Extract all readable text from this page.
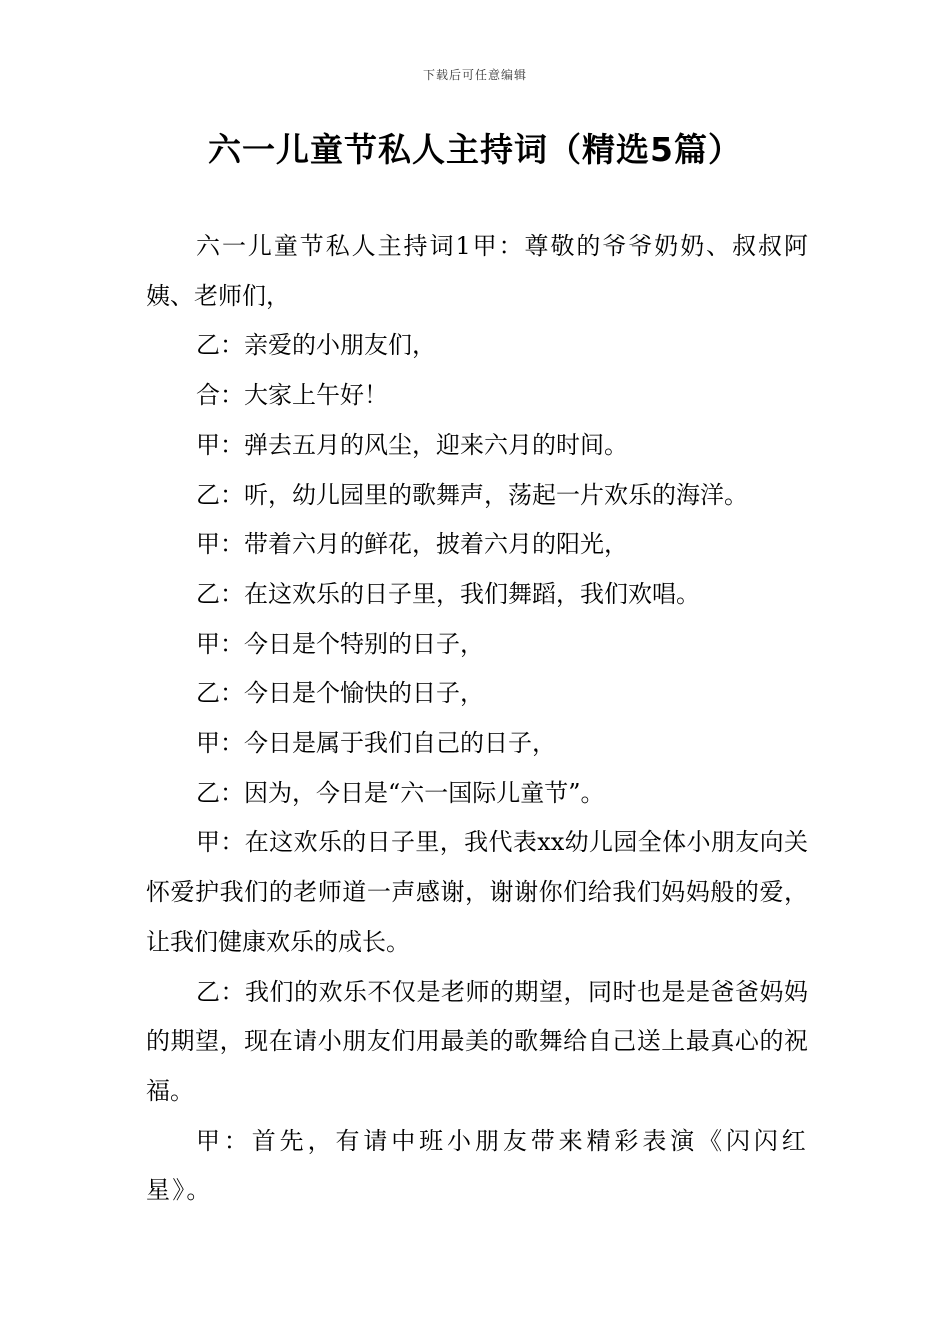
下载后可任意编辑
六一儿童节私人主持词（精选5篇）

六一儿童节私人主持词1甲：尊敬的爷爷奶奶、叔叔阿姨、老师们，

乙：亲爱的小朋友们，

合：大家上午好！

甲：弹去五月的风尘，迎来六月的时间。

乙：听，幼儿园里的歌舞声，荡起一片欢乐的海洋。

甲：带着六月的鲜花，披着六月的阳光，

乙：在这欢乐的日子里，我们舞蹈，我们欢唱。

甲：今日是个特别的日子，

乙：今日是个愉快的日子，

甲：今日是属于我们自己的日子，

乙：因为，今日是“六一国际儿童节”。

甲：在这欢乐的日子里，我代表xx幼儿园全体小朋友向关怀爱护我们的老师道一声感谢，谢谢你们给我们妈妈般的爱，让我们健康欢乐的成长。

乙：我们的欢乐不仅是老师的期望，同时也是是爸爸妈妈的期望，现在请小朋友们用最美的歌舞给自己送上最真心的祝福。

甲：首先，有请中班小朋友带来精彩表演《闪闪红星》。
